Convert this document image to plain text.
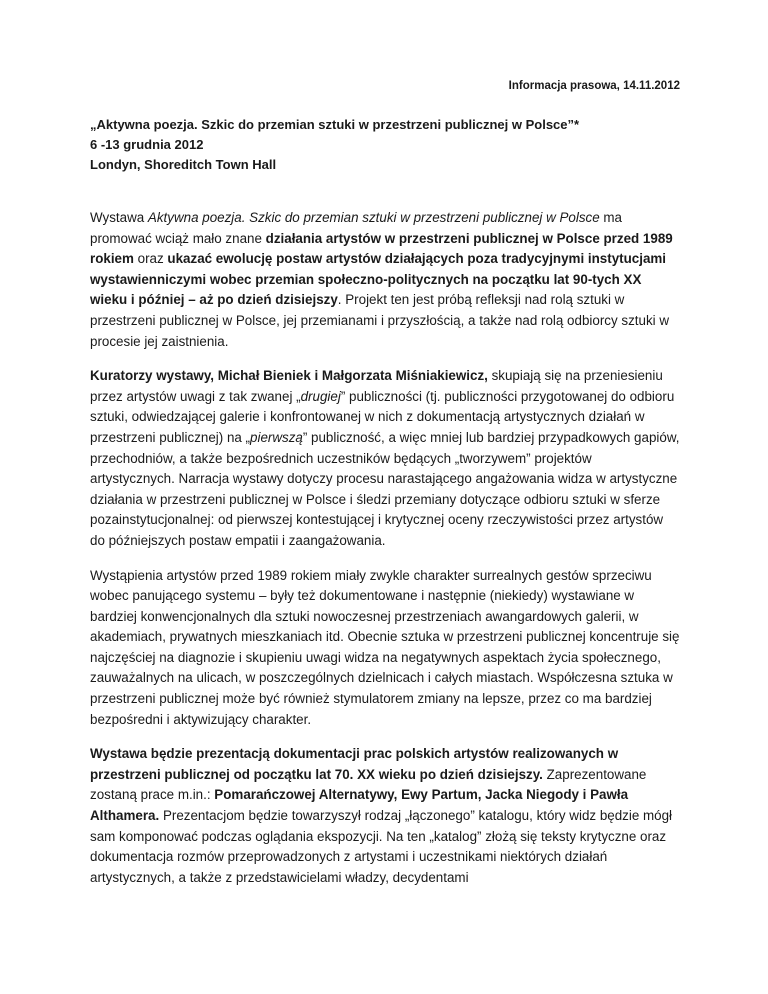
Informacja prasowa, 14.11.2012

„Aktywna poezja. Szkic do przemian sztuki w przestrzeni publicznej w Polsce”*

6 -13 grudnia 2012

Londyn, Shoreditch Town Hall

Wystawa Aktywna poezja. Szkic do przemian sztuki w przestrzeni publicznej w Polsce ma promować wciąż mało znane działania artystów w przestrzeni publicznej w Polsce przed 1989 rokiem oraz ukazać ewolucję postaw artystów działających poza tradycyjnymi instytucjami wystawienniczymi wobec przemian społeczno-politycznych na początku lat 90-tych XX wieku i później – aż po dzień dzisiejszy. Projekt ten jest próbą refleksji nad rolą sztuki w przestrzeni publicznej w Polsce, jej przemianami i przyszłością, a także nad rolą odbiorcy sztuki w procesie jej zaistnienia.

Kuratorzy wystawy, Michał Bieniek i Małgorzata Miśniakiewicz, skupiają się na przeniesieniu przez artystów uwagi z tak zwanej „drugiej” publiczności (tj. publiczności przygotowanej do odbioru sztuki, odwiedzającej galerie i konfrontowanej w nich z dokumentacją artystycznych działań w przestrzeni publicznej) na „pierwszą” publiczność, a więc mniej lub bardziej przypadkowych gapiów, przechodniów, a także bezpośrednich uczestników będących „tworzywem” projektów artystycznych. Narracja wystawy dotyczy procesu narastającego angażowania widza w artystyczne działania w przestrzeni publicznej w Polsce i śledzi przemiany dotyczące odbioru sztuki w sferze pozainstytucjonalnej: od pierwszej kontestującej i krytycznej oceny rzeczywistości przez artystów do późniejszych postaw empatii i zaangażowania.

Wystąpienia artystów przed 1989 rokiem miały zwykle charakter surrealnych gestów sprzeciwu wobec panującego systemu – były też dokumentowane i następnie (niekiedy) wystawiane w bardziej konwencjonalnych dla sztuki nowoczesnej przestrzeniach awangardowych galerii, w akademiach, prywatnych mieszkaniach itd. Obecnie sztuka w przestrzeni publicznej koncentruje się najczęściej na diagnozie i skupieniu uwagi widza na negatywnych aspektach życia społecznego, zauważalnych na ulicach, w poszczególnych dzielnicach i całych miastach. Współczesna sztuka w przestrzeni publicznej może być również stymulatorem zmiany na lepsze, przez co ma bardziej bezpośredni i aktywizujący charakter.

Wystawa będzie prezentacją dokumentacji prac polskich artystów realizowanych w przestrzeni publicznej od początku lat 70. XX wieku po dzień dzisiejszy. Zaprezentowane zostaną prace m.in.: Pomarańczowej Alternatywy, Ewy Partum, Jacka Niegody i Pawła Althamera. Prezentacjom będzie towarzyszył rodzaj „łączonego” katalogu, który widz będzie mógł sam komponować podczas oglądania ekspozycji. Na ten „katalog” złożą się teksty krytyczne oraz dokumentacja rozmów przeprowadzonych z artystami i uczestnikami niektórych działań artystycznych, a także z przedstawicielami władzy, decydentami
